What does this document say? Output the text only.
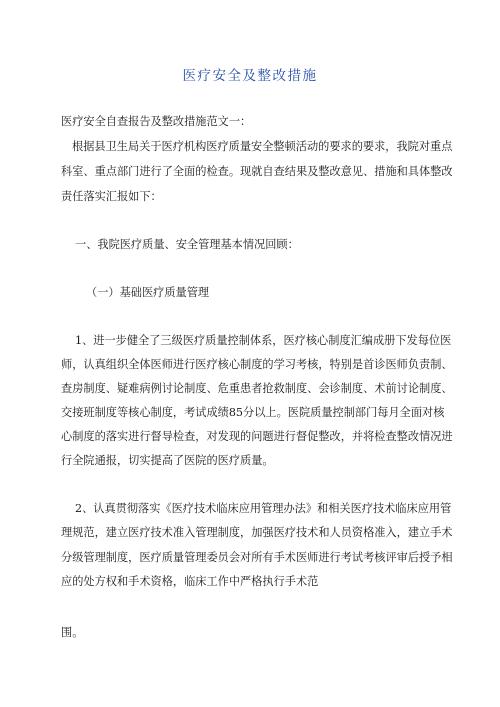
医疗安全及整改措施
医疗安全自查报告及整改措施范文一：
根据县卫生局关于医疗机构医疗质量安全整顿活动的要求的要求，我院对重点
科室、重点部门进行了全面的检查。现就自查结果及整改意见、措施和具体整改
责任落实汇报如下：
一、我院医疗质量、安全管理基本情况回顾：
（一）基础医疗质量管理
1、进一步健全了三级医疗质量控制体系，医疗核心制度汇编成册下发每位医
师，认真组织全体医师进行医疗核心制度的学习考核，特别是首诊医师负责制、
查房制度、疑难病例讨论制度、危重患者抢救制度、会诊制度、术前讨论制度、
交接班制度等核心制度，考试成绩85分以上。医院质量控制部门每月全面对核
心制度的落实进行督导检查，对发现的问题进行督促整改，并将检查整改情况进
行全院通报，切实提高了医院的医疗质量。
2、认真贯彻落实《医疗技术临床应用管理办法》和相关医疗技术临床应用管
理规范，建立医疗技术准入管理制度，加强医疗技术和人员资格准入，建立手术
分级管理制度，医疗质量管理委员会对所有手术医师进行考试考核评审后授予相
应的处方权和手术资格，临床工作中严格执行手术范
围。
